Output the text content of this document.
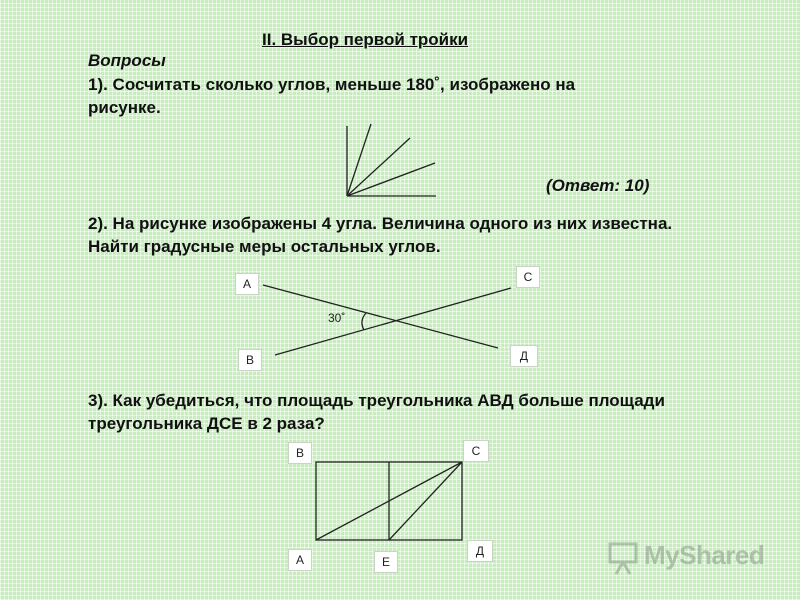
II. Выбор первой тройки
Вопросы
1). Сосчитать сколько углов, меньше 180˚, изображено на
рисунке.
(Ответ: 10)
2). На рисунке изображены 4 угла. Величина одного из них известна.
Найти градусные меры остальных углов.
А	С
В	Д
30˚
3). Как убедиться, что площадь треугольника АВД больше площади
треугольника ДСЕ в 2 раза?
В	С
А	Е
Д	MyShared
